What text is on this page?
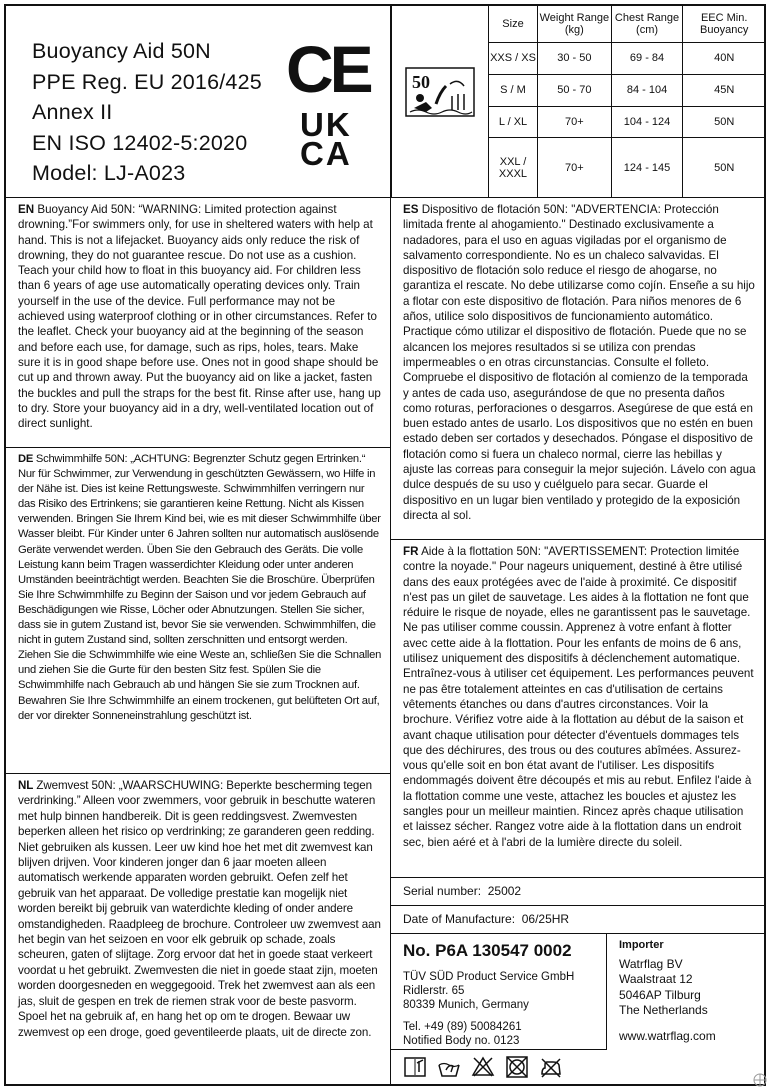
Buoyancy Aid 50N
PPE Reg. EU 2016/425
Annex II
EN ISO 12402-5:2020
Model: LJ-A023
CE
UK
CA
50
Size	Weight Range (kg)	Chest Range (cm)	EEC Min. Buoyancy
XXS / XS	30 - 50	69 - 84	40N
S / M	50 - 70	84 - 104	45N
L / XL	70+	104 - 124	50N
XXL / XXXL	70+	124 - 145	50N
EN Buoyancy Aid 50N: “WARNING: Limited protection against drowning.”For swimmers only, for use in sheltered waters with help at hand. This is not a lifejacket. Buoyancy aids only reduce the risk of drowning, they do not guarantee rescue. Do not use as a cushion. Teach your child how to float in this buoyancy aid. For children less than 6 years of age use automatically operating devices only. Train yourself in the use of the device. Full performance may not be achieved using waterproof clothing or in other circumstances. Refer to the leaflet. Check your buoyancy aid at the beginning of the season and before each use, for damage, such as rips, holes, tears. Make sure it is in good shape before use. Ones not in good shape should be cut up and thrown away. Put the buoyancy aid on like a jacket, fasten the buckles and pull the straps for the best fit. Rinse after use, hang up to dry. Store your buoyancy aid in a dry, well-ventilated location out of direct sunlight.
DE Schwimmhilfe 50N: „ACHTUNG: Begrenzter Schutz gegen Ertrinken.“ Nur für Schwimmer, zur Verwendung in geschützten Gewässern, wo Hilfe in der Nähe ist. Dies ist keine Rettungsweste. Schwimmhilfen verringern nur das Risiko des Ertrinkens; sie garantieren keine Rettung. Nicht als Kissen verwenden. Bringen Sie Ihrem Kind bei, wie es mit dieser Schwimmhilfe über Wasser bleibt. Für Kinder unter 6 Jahren sollten nur automatisch auslösende Geräte verwendet werden. Üben Sie den Gebrauch des Geräts. Die volle Leistung kann beim Tragen wasserdichter Kleidung oder unter anderen Umständen beeinträchtigt werden. Beachten Sie die Broschüre. Überprüfen Sie Ihre Schwimmhilfe zu Beginn der Saison und vor jedem Gebrauch auf Beschädigungen wie Risse, Löcher oder Abnutzungen. Stellen Sie sicher, dass sie in gutem Zustand ist, bevor Sie sie verwenden. Schwimmhilfen, die nicht in gutem Zustand sind, sollten zerschnitten und entsorgt werden. Ziehen Sie die Schwimmhilfe wie eine Weste an, schließen Sie die Schnallen und ziehen Sie die Gurte für den besten Sitz fest. Spülen Sie die Schwimmhilfe nach Gebrauch ab und hängen Sie sie zum Trocknen auf. Bewahren Sie Ihre Schwimmhilfe an einem trockenen, gut belüfteten Ort auf, der vor direkter Sonneneinstrahlung geschützt ist.
NL Zwemvest 50N: „WAARSCHUWING: Beperkte bescherming tegen verdrinking.” Alleen voor zwemmers, voor gebruik in beschutte wateren met hulp binnen handbereik. Dit is geen reddingsvest. Zwemvesten beperken alleen het risico op verdrinking; ze garanderen geen redding. Niet gebruiken als kussen. Leer uw kind hoe het met dit zwemvest kan blijven drijven. Voor kinderen jonger dan 6 jaar moeten alleen automatisch werkende apparaten worden gebruikt. Oefen zelf het gebruik van het apparaat. De volledige prestatie kan mogelijk niet worden bereikt bij gebruik van waterdichte kleding of onder andere omstandigheden. Raadpleeg de brochure. Controleer uw zwemvest aan het begin van het seizoen en voor elk gebruik op schade, zoals scheuren, gaten of slijtage. Zorg ervoor dat het in goede staat verkeert voordat u het gebruikt. Zwemvesten die niet in goede staat zijn, moeten worden doorgesneden en weggegooid. Trek het zwemvest aan als een jas, sluit de gespen en trek de riemen strak voor de beste pasvorm. Spoel het na gebruik af, en hang het op om te drogen. Bewaar uw zwemvest op een droge, goed geventileerde plaats, uit de directe zon.
ES Dispositivo de flotación 50N: "ADVERTENCIA: Protección limitada frente al ahogamiento." Destinado exclusivamente a nadadores, para el uso en aguas vigiladas por el organismo de salvamento correspondiente. No es un chaleco salvavidas. El dispositivo de flotación solo reduce el riesgo de ahogarse, no garantiza el rescate. No debe utilizarse como cojín. Enseñe a su hijo a flotar con este dispositivo de flotación. Para niños menores de 6 años, utilice solo dispositivos de funcionamiento automático. Practique cómo utilizar el dispositivo de flotación. Puede que no se alcancen los mejores resultados si se utiliza con prendas impermeables o en otras circunstancias. Consulte el folleto. Compruebe el dispositivo de flotación al comienzo de la temporada y antes de cada uso, asegurándose de que no presenta daños como roturas, perforaciones o desgarros. Asegúrese de que está en buen estado antes de usarlo. Los dispositivos que no estén en buen estado deben ser cortados y desechados. Póngase el dispositivo de flotación como si fuera un chaleco normal, cierre las hebillas y ajuste las correas para conseguir la mejor sujeción. Lávelo con agua dulce después de su uso y cuélguelo para secar. Guarde el dispositivo en un lugar bien ventilado y protegido de la exposición directa al sol.
FR Aide à la flottation 50N: "AVERTISSEMENT: Protection limitée contre la noyade." Pour nageurs uniquement, destiné à être utilisé dans des eaux protégées avec de l'aide à proximité. Ce dispositif n'est pas un gilet de sauvetage. Les aides à la flottation ne font que réduire le risque de noyade, elles ne garantissent pas le sauvetage. Ne pas utiliser comme coussin. Apprenez à votre enfant à flotter avec cette aide à la flottation. Pour les enfants de moins de 6 ans, utilisez uniquement des dispositifs à déclenchement automatique. Entraînez-vous à utiliser cet équipement. Les performances peuvent ne pas être totalement atteintes en cas d'utilisation de certains vêtements étanches ou dans d'autres circonstances. Voir la brochure. Vérifiez votre aide à la flottation au début de la saison et avant chaque utilisation pour détecter d'éventuels dommages tels que des déchirures, des trous ou des coutures abîmées. Assurez-vous qu'elle soit en bon état avant de l'utiliser. Les dispositifs endommagés doivent être découpés et mis au rebut. Enfilez l'aide à la flottation comme une veste, attachez les boucles et ajustez les sangles pour un meilleur maintien. Rincez après chaque utilisation et laissez sécher. Rangez votre aide à la flottation dans un endroit sec, bien aéré et à l'abri de la lumière directe du soleil.
Serial number: 25002
Date of Manufacture: 06/25HR
No. P6A 130547 0002
TÜV SÜD Product Service GmbH
Ridlerstr. 65
80339 Munich, Germany
Tel. +49 (89) 50084261
Notified Body no. 0123
Importer
Watrflag BV
Waalstraat 12
5046AP Tilburg
The Netherlands
www.watrflag.com
